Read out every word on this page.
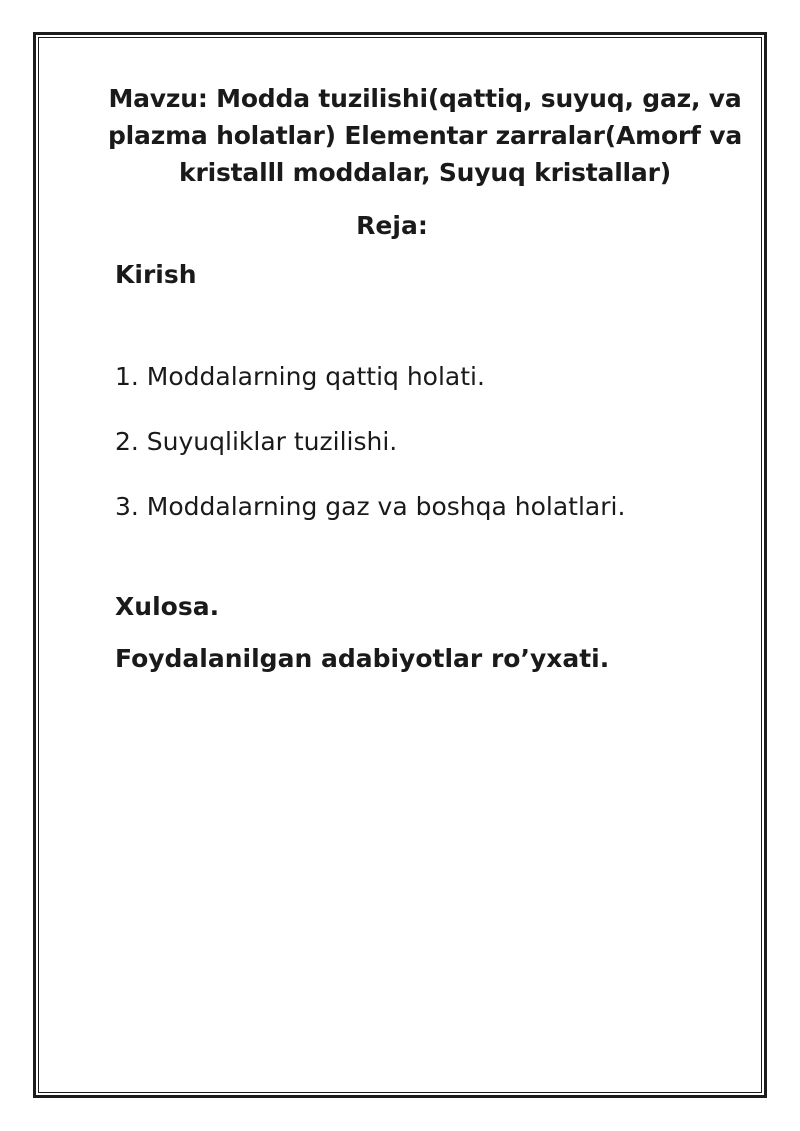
Mavzu: Modda tuzilishi(qattiq, suyuq, gaz, va plazma holatlar) Elementar zarralar(Amorf va kristalll moddalar, Suyuq kristallar)
Reja:
Kirish
1. Moddalarning qattiq holati.
2. Suyuqliklar tuzilishi.
3. Moddalarning gaz va boshqa holatlari.
Xulosa.
Foydalanilgan adabiyotlar ro’yxati.
